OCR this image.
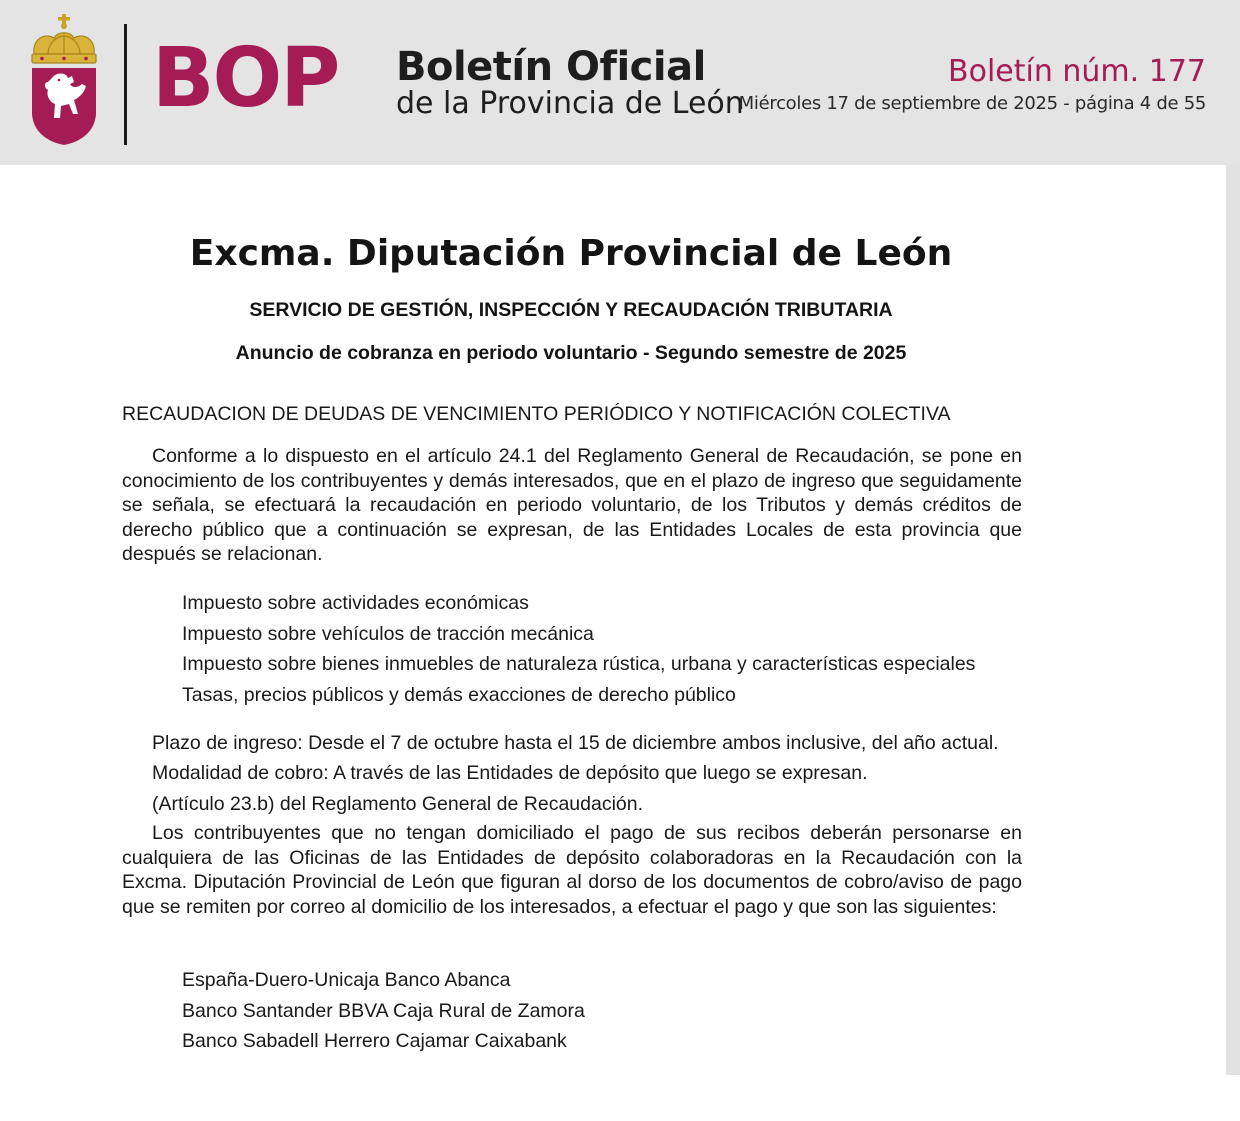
BOP Boletín Oficial
de la Provincia de León
Boletín núm. 177
Miércoles 17 de septiembre de 2025 - página 4 de 55
Excma. Diputación Provincial de León
SERVICIO DE GESTIÓN, INSPECCIÓN Y RECAUDACIÓN TRIBUTARIA
Anuncio de cobranza en periodo voluntario - Segundo semestre de 2025
RECAUDACION DE DEUDAS DE VENCIMIENTO PERIÓDICO Y NOTIFICACIÓN COLECTIVA

Conforme a lo dispuesto en el artículo 24.1 del Reglamento General de Recaudación, se pone en conocimiento de los contribuyentes y demás interesados, que en el plazo de ingreso que seguidamente se señala, se efectuará la recaudación en periodo voluntario, de los Tributos y demás créditos de derecho público que a continuación se expresan, de las Entidades Locales de esta provincia que después se relacionan.

Impuesto sobre actividades económicas
Impuesto sobre vehículos de tracción mecánica
Impuesto sobre bienes inmuebles de naturaleza rústica, urbana y características especiales
Tasas, precios públicos y demás exacciones de derecho público
Plazo de ingreso: Desde el 7 de octubre hasta el 15 de diciembre ambos inclusive, del año actual.
Modalidad de cobro: A través de las Entidades de depósito que luego se expresan.
(Artículo 23.b) del Reglamento General de Recaudación.

Los contribuyentes que no tengan domiciliado el pago de sus recibos deberán personarse en cualquiera de las Oficinas de las Entidades de depósito colaboradoras en la Recaudación con la Excma. Diputación Provincial de León que figuran al dorso de los documentos de cobro/aviso de pago que se remiten por correo al domicilio de los interesados, a efectuar el pago y que son las siguientes:

España-Duero-Unicaja Banco Abanca
Banco Santander BBVA Caja Rural de Zamora
Banco Sabadell Herrero Cajamar Caixabank
